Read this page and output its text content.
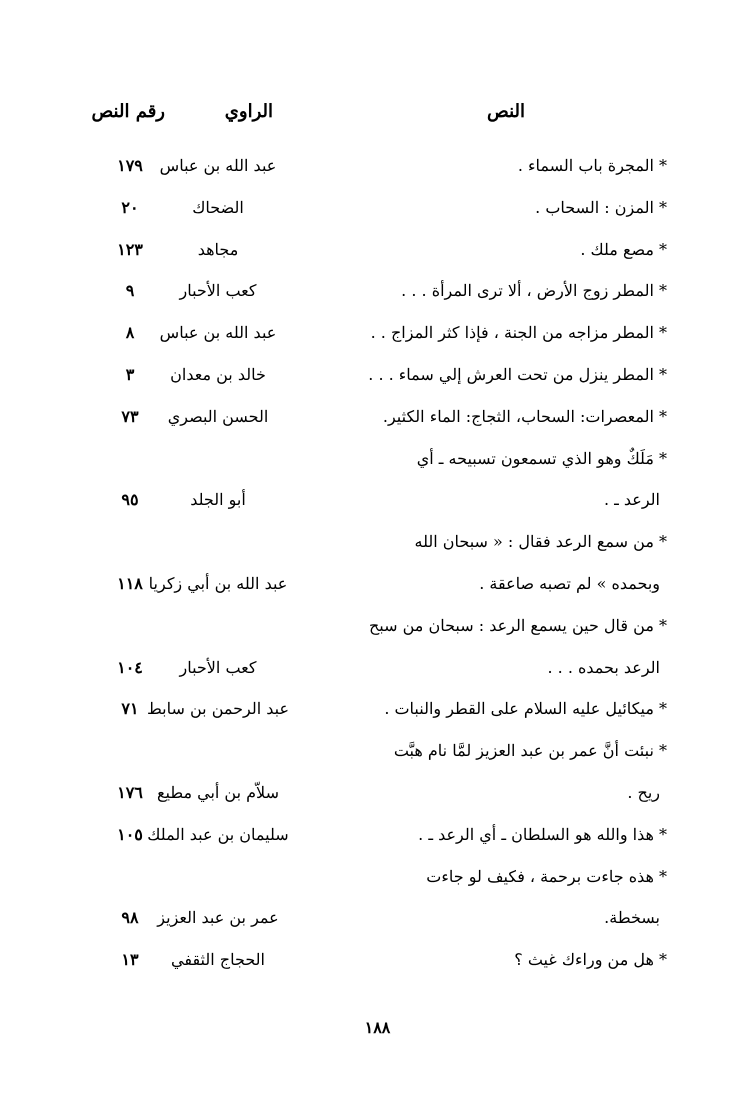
النص
الراوي
رقم النص
* المجرة باب السماء .
عبد الله بن عباس
١٧٩
* المزن : السحاب .
الضحاك
٢٠
* مصع ملك .
مجاهد
١٢٣
* المطر زوج الأرض ، ألا ترى المرأة . . .
كعب الأحبار
٩
* المطر مزاجه من الجنة ، فإذا كثر المزاج . .
عبد الله بن عباس
٨
* المطر ينزل من تحت العرش إلي سماء . . .
خالد بن معدان
٣
* المعصرات: السحاب، الثجاج: الماء الكثير.
الحسن البصري
٧٣
* مَلَكٌ وهو الذي تسمعون تسبيحه ـ أي
الرعد ـ .
أبو الجلد
٩٥
* من سمع الرعد فقال : « سبحان الله
وبحمده » لم تصبه صاعقة .
عبد الله بن أبي زكريا
١١٨
* من قال حين يسمع الرعد : سبحان من سبح
الرعد بحمده . . .
كعب الأحبار
١٠٤
* ميكائيل عليه السلام على القطر والنبات .
عبد الرحمن بن سابط
٧١
* نبئت أنَّ عمر بن عبد العزيز لمَّا نام هبَّت
ريح .
سلاّم بن أبي مطيع
١٧٦
* هذا والله هو السلطان ـ أي الرعد ـ .
سليمان بن عبد الملك
١٠٥
* هذه جاءت برحمة ، فكيف لو جاءت
بسخطة.
عمر بن عبد العزيز
٩٨
* هل من وراءك غيث ؟
الحجاج الثقفي
١٣
١٨٨
